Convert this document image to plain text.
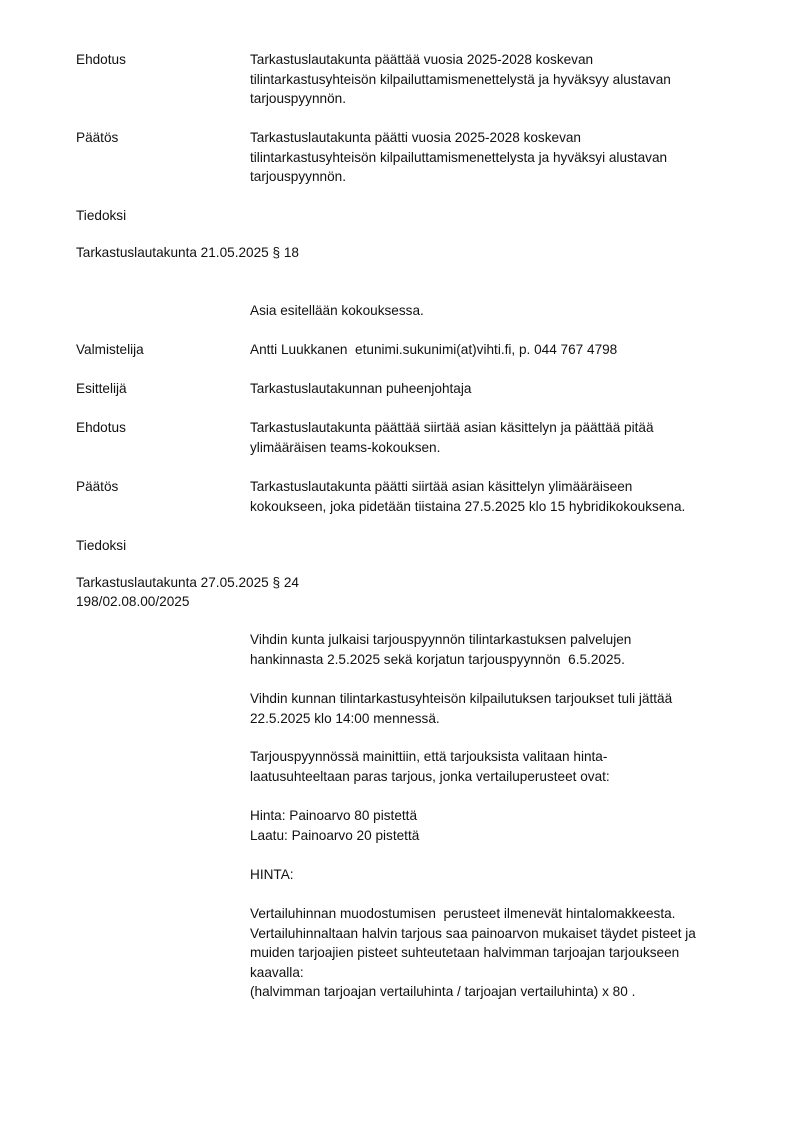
Ehdotus	Tarkastuslautakunta päättää vuosia 2025-2028 koskevan
tilintarkastusyhteisön kilpailuttamismenettelystä ja hyväksyy alustavan
tarjouspyynnön.
Päätös	Tarkastuslautakunta päätti vuosia 2025-2028 koskevan
tilintarkastusyhteisön kilpailuttamismenettelysta ja hyväksyi alustavan
tarjouspyynnön.
Tiedoksi
Tarkastuslautakunta 21.05.2025 § 18
Asia esitellään kokouksessa.
Valmistelija	Antti Luukkanen  etunimi.sukunimi(at)vihti.fi, p. 044 767 4798
Esittelijä	Tarkastuslautakunnan puheenjohtaja
Ehdotus	Tarkastuslautakunta päättää siirtää asian käsittelyn ja päättää pitää
ylimääräisen teams-kokouksen.
Päätös	Tarkastuslautakunta päätti siirtää asian käsittelyn ylimääräiseen
kokoukseen, joka pidetään tiistaina 27.5.2025 klo 15 hybridikokouksena.
Tiedoksi
Tarkastuslautakunta 27.05.2025 § 24
198/02.08.00/2025
Vihdin kunta julkaisi tarjouspyynnön tilintarkastuksen palvelujen
hankinnasta 2.5.2025 sekä korjatun tarjouspyynnön  6.5.2025.
Vihdin kunnan tilintarkastusyhteisön kilpailutuksen tarjoukset tuli jättää
22.5.2025 klo 14:00 mennessä.
Tarjouspyynnössä mainittiin, että tarjouksista valitaan hinta-
laatusuhteeltaan paras tarjous, jonka vertailuperusteet ovat:
Hinta: Painoarvo 80 pistettä
Laatu: Painoarvo 20 pistettä
HINTA:
Vertailuhinnan muodostumisen  perusteet ilmenevät hintalomakkeesta.
Vertailuhinnaltaan halvin tarjous saa painoarvon mukaiset täydet pisteet ja
muiden tarjoajien pisteet suhteutetaan halvimman tarjoajan tarjoukseen
kaavalla:
(halvimman tarjoajan vertailuhinta / tarjoajan vertailuhinta) x 80 .
